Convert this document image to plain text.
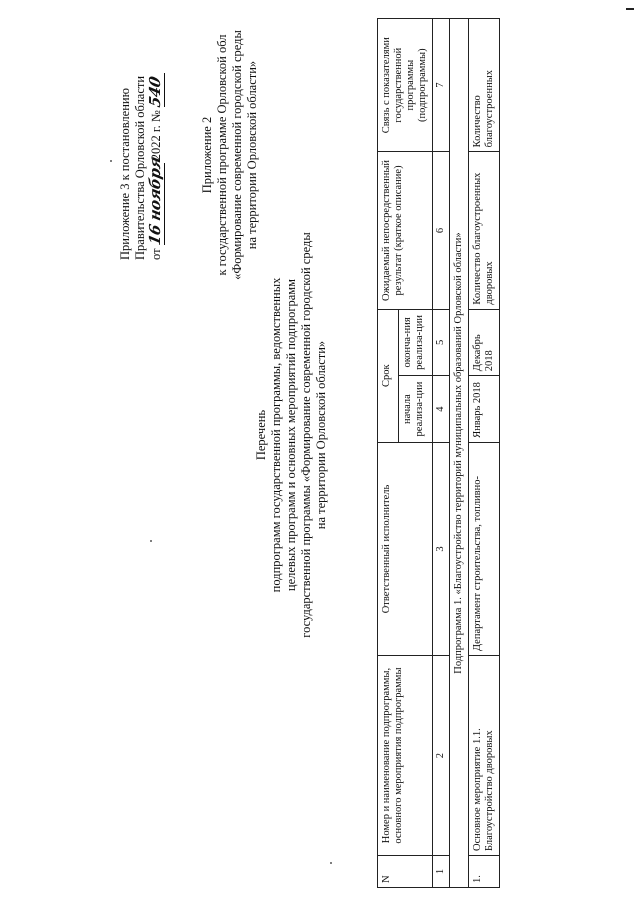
Приложение 3 к постановлению Правительства Орловской области от 16 ноября 2022 г. № 540
Приложение 2 к государственной программе Орловской обл «Формирование современной городской среды на территории Орловской области»
Перечень подпрограмм государственной программы, ведомственных целевых программ и основных мероприятий подпрограмм государственной программы «Формирование современной городской среды на территории Орловской области»
N	Номер и наименование подпрограммы, основного мероприятия подпрограммы	Ответственный исполнитель	Срок		Ожидаемый непосредственный результат (краткое описание)	Связь с показателями государственной программы (подпрограммы)
			начала реализа-ции	оконча-ния реализа-ции		
1	2	3	4	5	6	7
Подпрограмма 1. «Благоустройство территорий муниципальных образований Орловской области»						
1.	Основное мероприятие 1.1. Благоустройство дворовых	Департамент строительства, топливно-	Январь 2018	Декабрь 2018	Количество благоустроенных дворовых	Количество благоустроенных
